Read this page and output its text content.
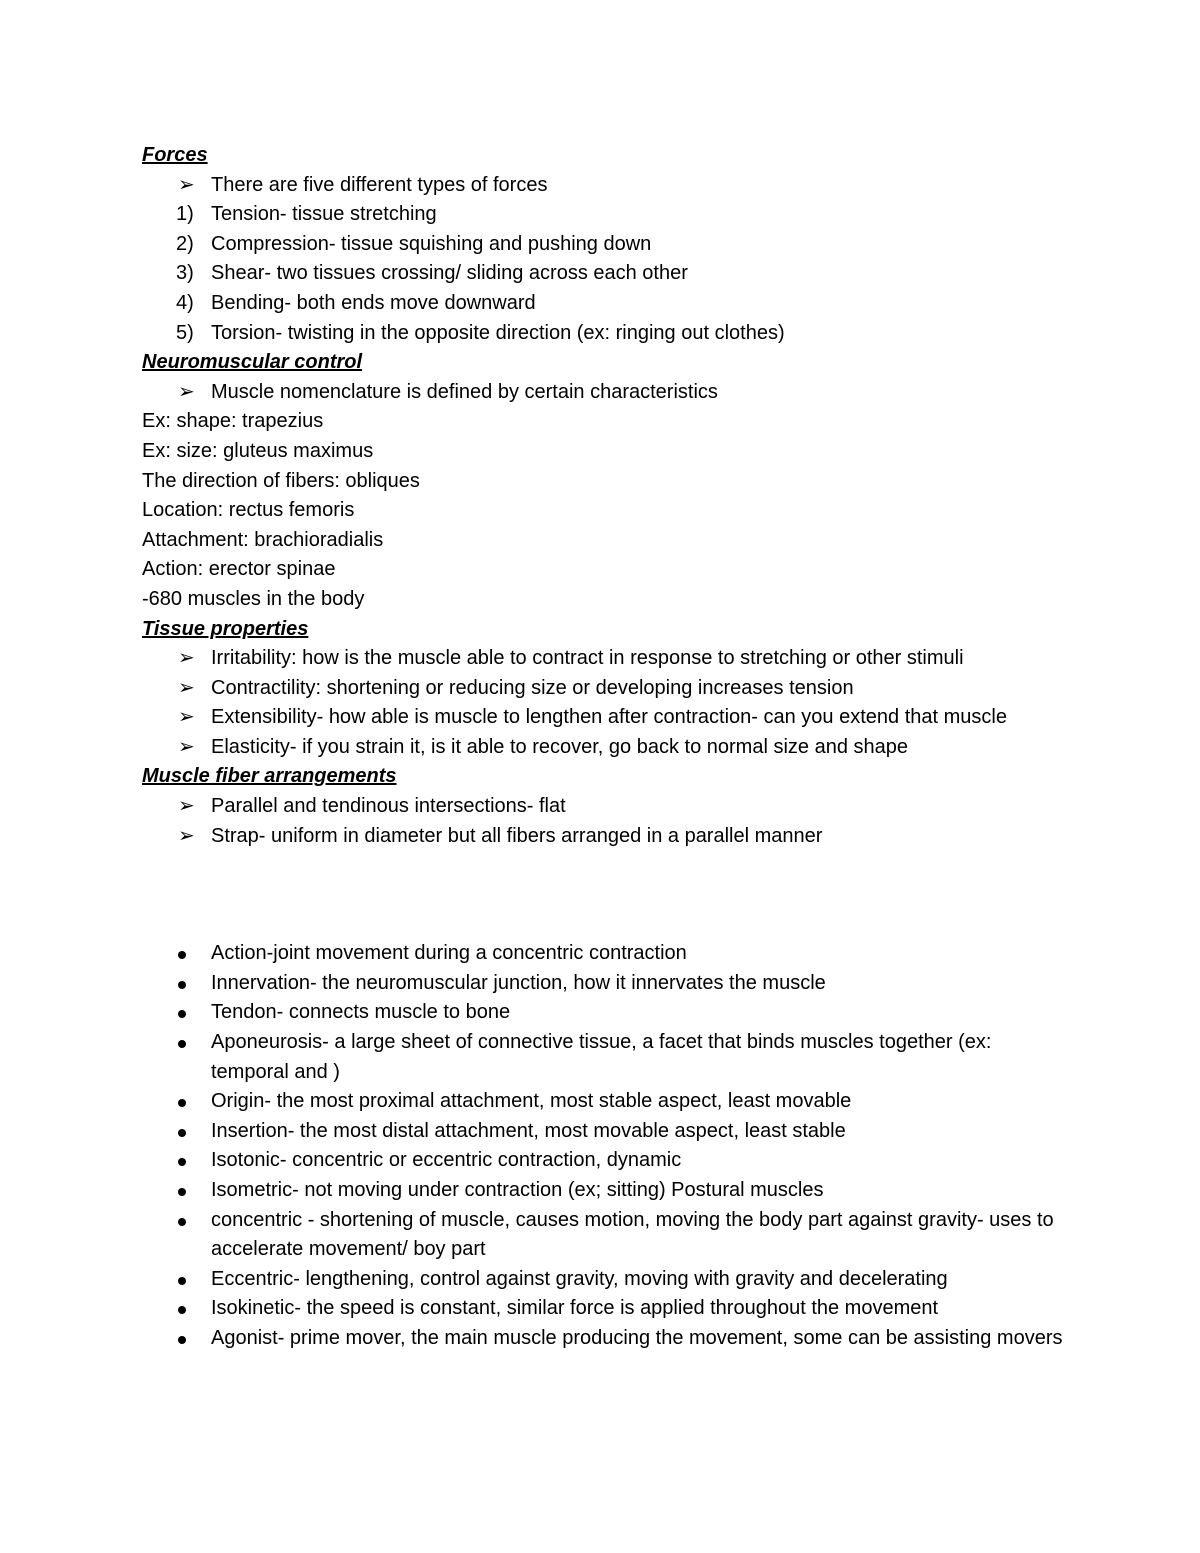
Forces
➢ There are five different types of forces
1) Tension- tissue stretching
2) Compression- tissue squishing and pushing down
3) Shear- two tissues crossing/ sliding across each other
4) Bending- both ends move downward
5) Torsion- twisting in the opposite direction (ex: ringing out clothes)
Neuromuscular control
➢ Muscle nomenclature is defined by certain characteristics
Ex: shape: trapezius
Ex: size: gluteus maximus
The direction of fibers: obliques
Location: rectus femoris
Attachment: brachioradialis
Action: erector spinae
-680 muscles in the body
Tissue properties
➢ Irritability: how is the muscle able to contract in response to stretching or other stimuli
➢ Contractility: shortening or reducing size or developing increases tension
➢ Extensibility- how able is muscle to lengthen after contraction- can you extend that muscle
➢ Elasticity- if you strain it, is it able to recover, go back to normal size and shape
Muscle fiber arrangements
➢ Parallel and tendinous intersections- flat
➢ Strap- uniform in diameter but all fibers arranged in a parallel manner
Action-joint movement during a concentric contraction
Innervation- the neuromuscular junction, how it innervates the muscle
Tendon- connects muscle to bone
Aponeurosis- a large sheet of connective tissue, a facet that binds muscles together (ex: temporal and )
Origin- the most proximal attachment, most stable aspect, least movable
Insertion- the most distal attachment, most movable aspect, least stable
Isotonic- concentric or eccentric contraction, dynamic
Isometric- not moving under contraction (ex; sitting) Postural muscles
concentric - shortening of muscle, causes motion, moving the body part against gravity- uses to accelerate movement/ boy part
Eccentric- lengthening, control against gravity, moving with gravity and decelerating
Isokinetic- the speed is constant, similar force is applied throughout the movement
Agonist- prime mover, the main muscle producing the movement, some can be assisting movers
